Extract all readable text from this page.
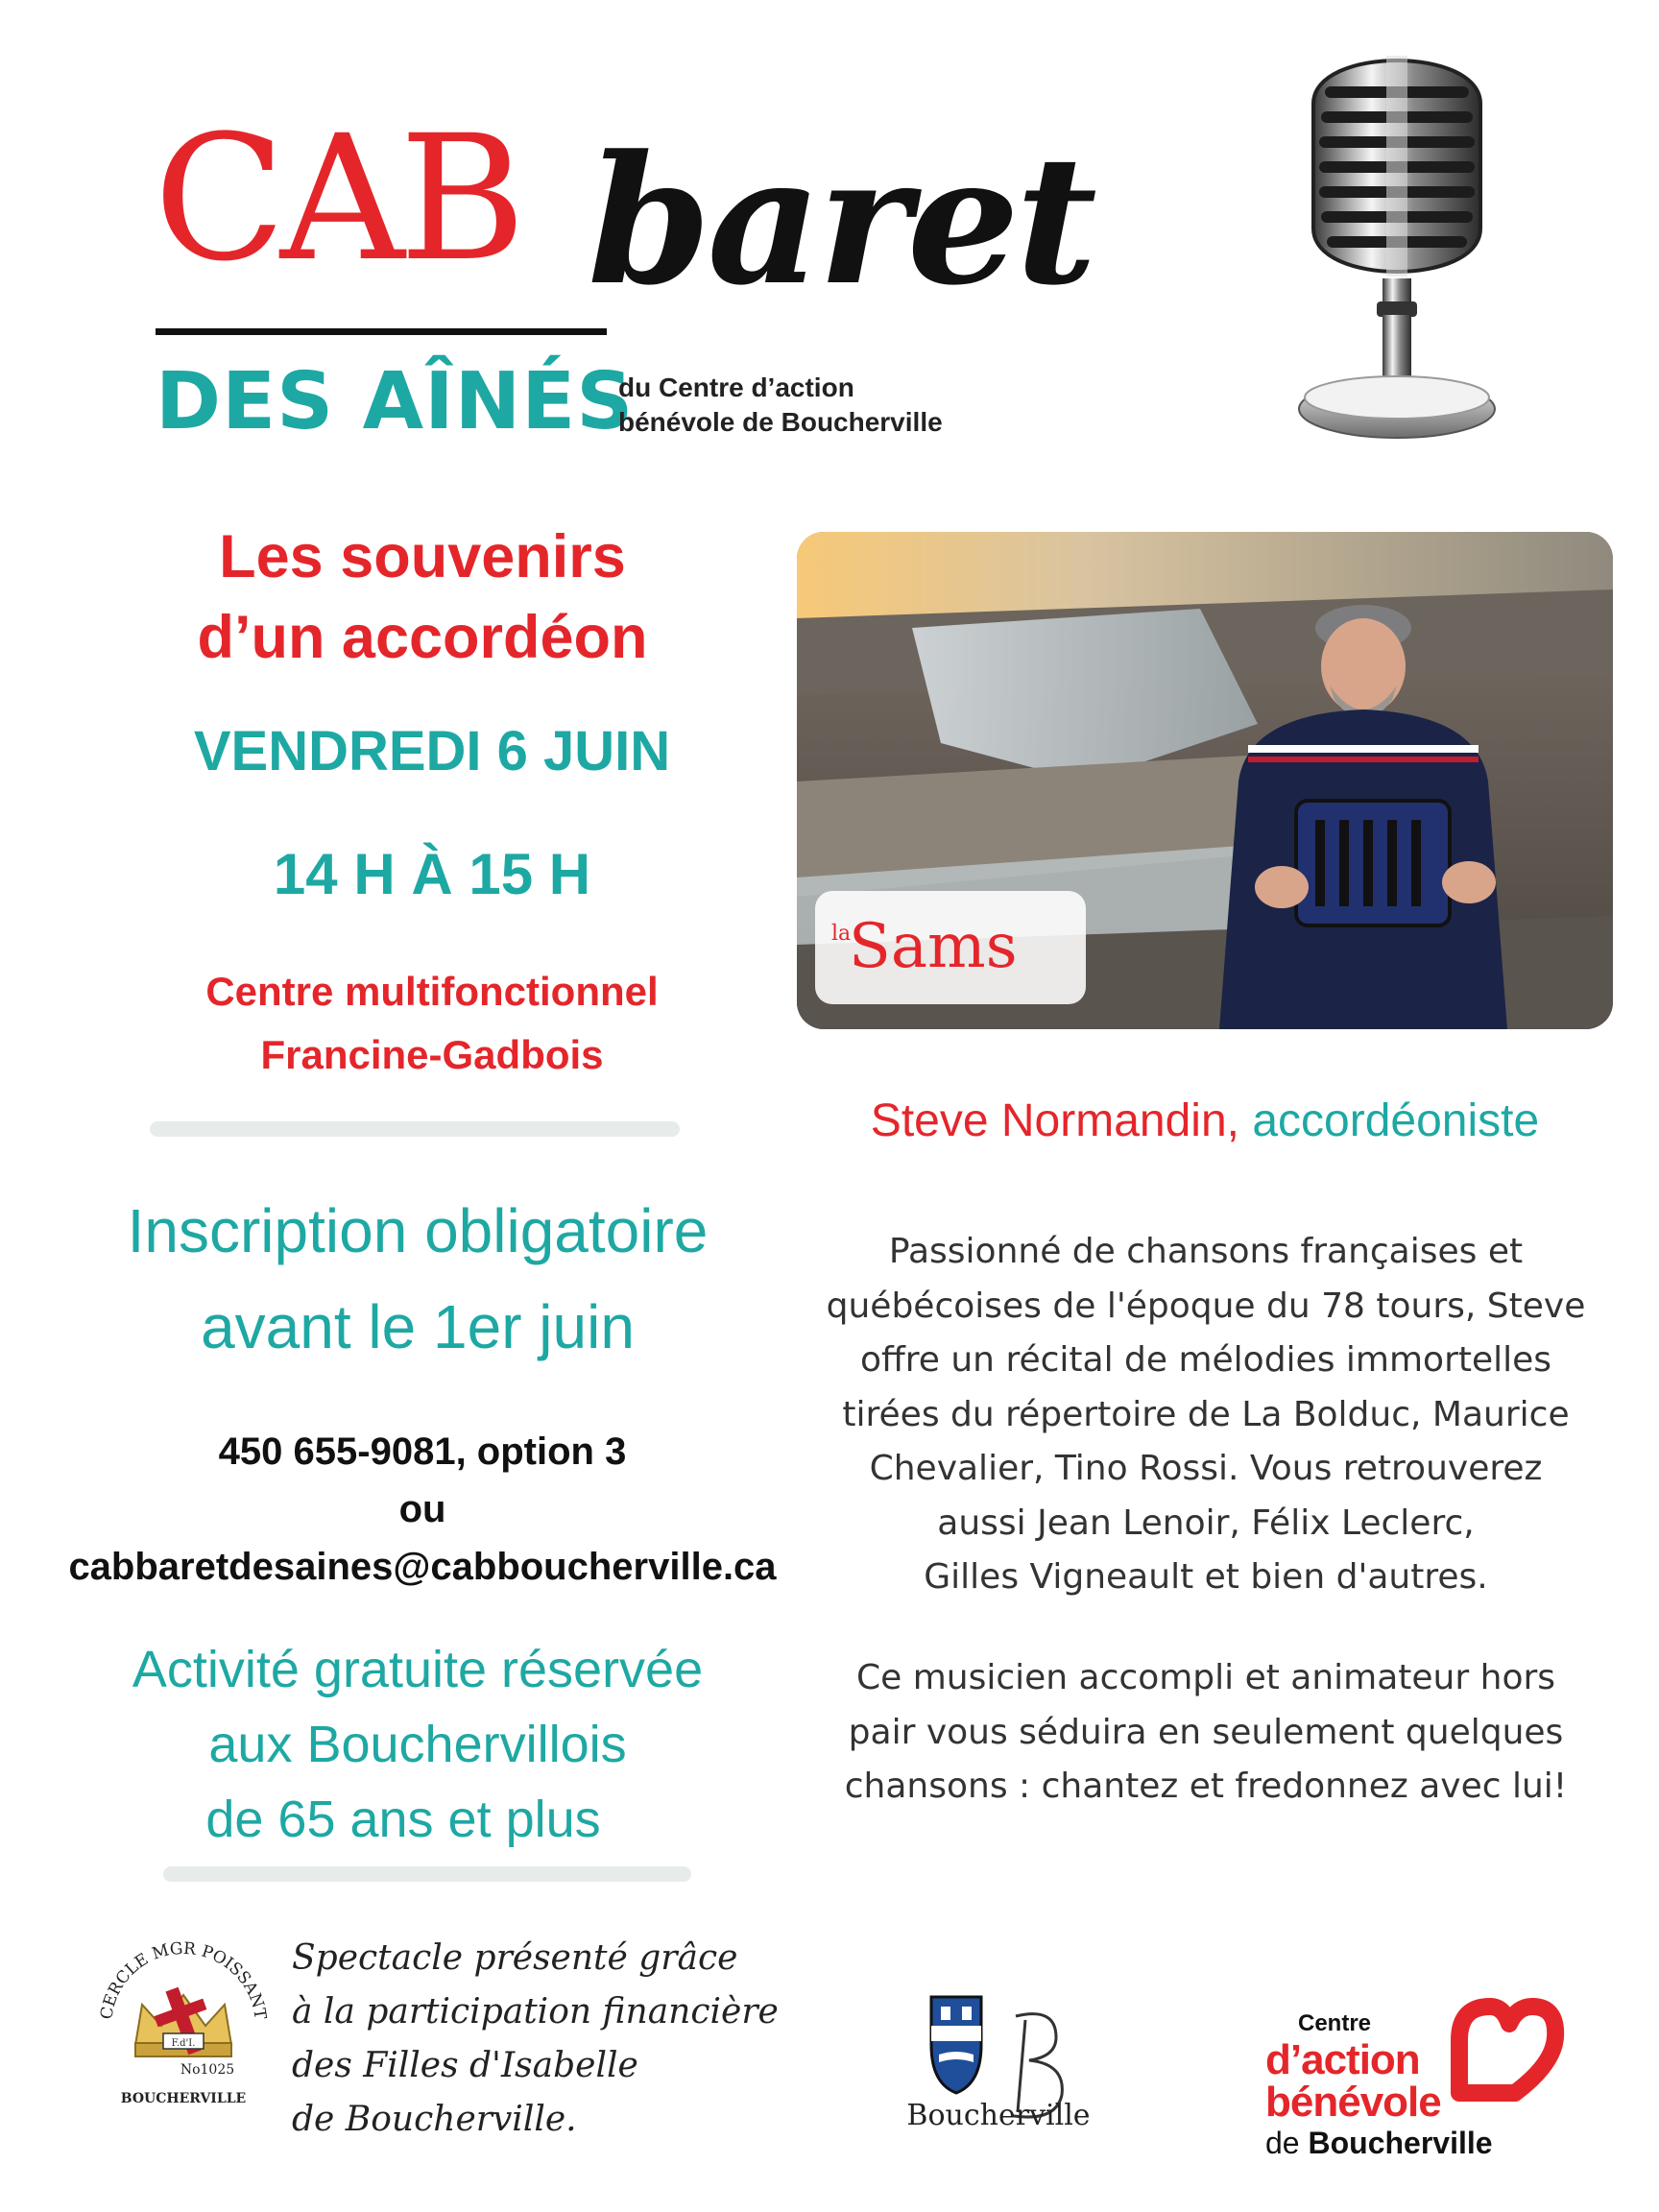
CAB baret
DES AÎNÉS
du Centre d’action
bénévole de Boucherville
Les souvenirs
d’un accordéon
VENDREDI 6 JUIN
14 H À 15 H
Centre multifonctionnel
Francine-Gadbois
Inscription obligatoire
avant le 1er juin
450 655-9081, option 3
ou
cabbaretdesaines@cabboucherville.ca
Activité gratuite réservée
aux Bouchervillois
de 65 ans et plus
la
Sams
Steve Normandin, accordéoniste
Passionné de chansons françaises et
québécoises de l'époque du 78 tours, Steve
offre un récital de mélodies immortelles
tirées du répertoire de La Bolduc, Maurice
Chevalier, Tino Rossi. Vous retrouverez
aussi Jean Lenoir, Félix Leclerc,
Gilles Vigneault et bien d'autres.
Ce musicien accompli et animateur hors
pair vous séduira en seulement quelques
chansons : chantez et fredonnez avec lui!
CERCLE MGR POISSANT
F.d'I.
No1025
BOUCHERVILLE
Spectacle présenté grâce
à la participation financière
des Filles d'Isabelle
de Boucherville.	Boucherville
Centre
d’action
bénévole
de Boucherville
